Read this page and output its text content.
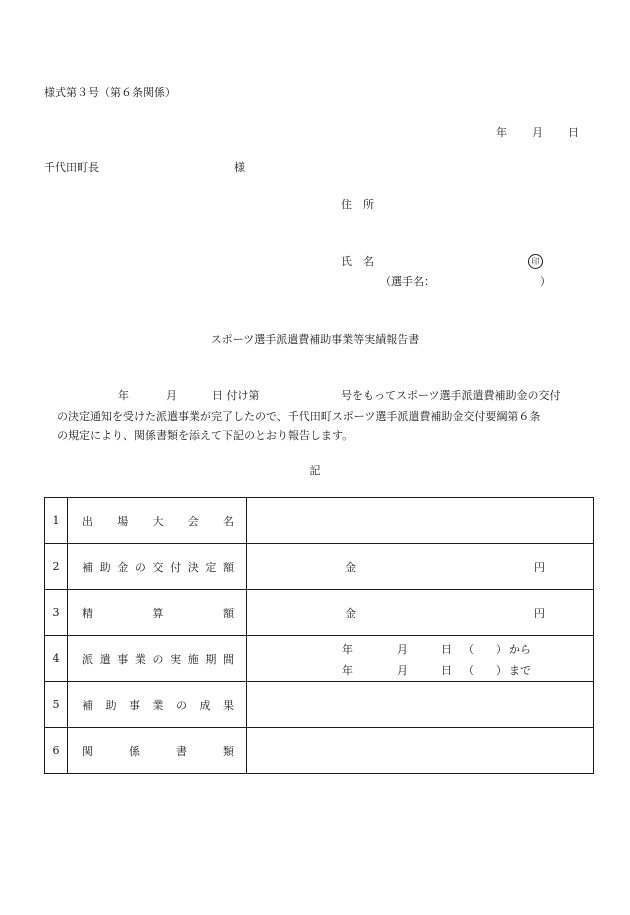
様式第３号（第６条関係）
年 月 日
千代田町長	様
住　所
氏　名	印
（選手名：	）
スポーツ選手派遣費補助事業等実績報告書
年	月	日 付け第	号をもってスポーツ選手派遣費補助金の交付
の決定通知を受けた派遣事業が完了したので、千代田町スポーツ選手派遣費補助金交付要綱第６条
の規定により、関係書類を添えて下記のとおり報告します。
記
1	出場大会名	
2	補助金の交付決定額	金 円

3	精算額	金 円

4	派遣事業の実施期間	年 月 日 （　　） から
年 月 日 （　　） まで

5	補助事業の成果	
6	関係書類	
